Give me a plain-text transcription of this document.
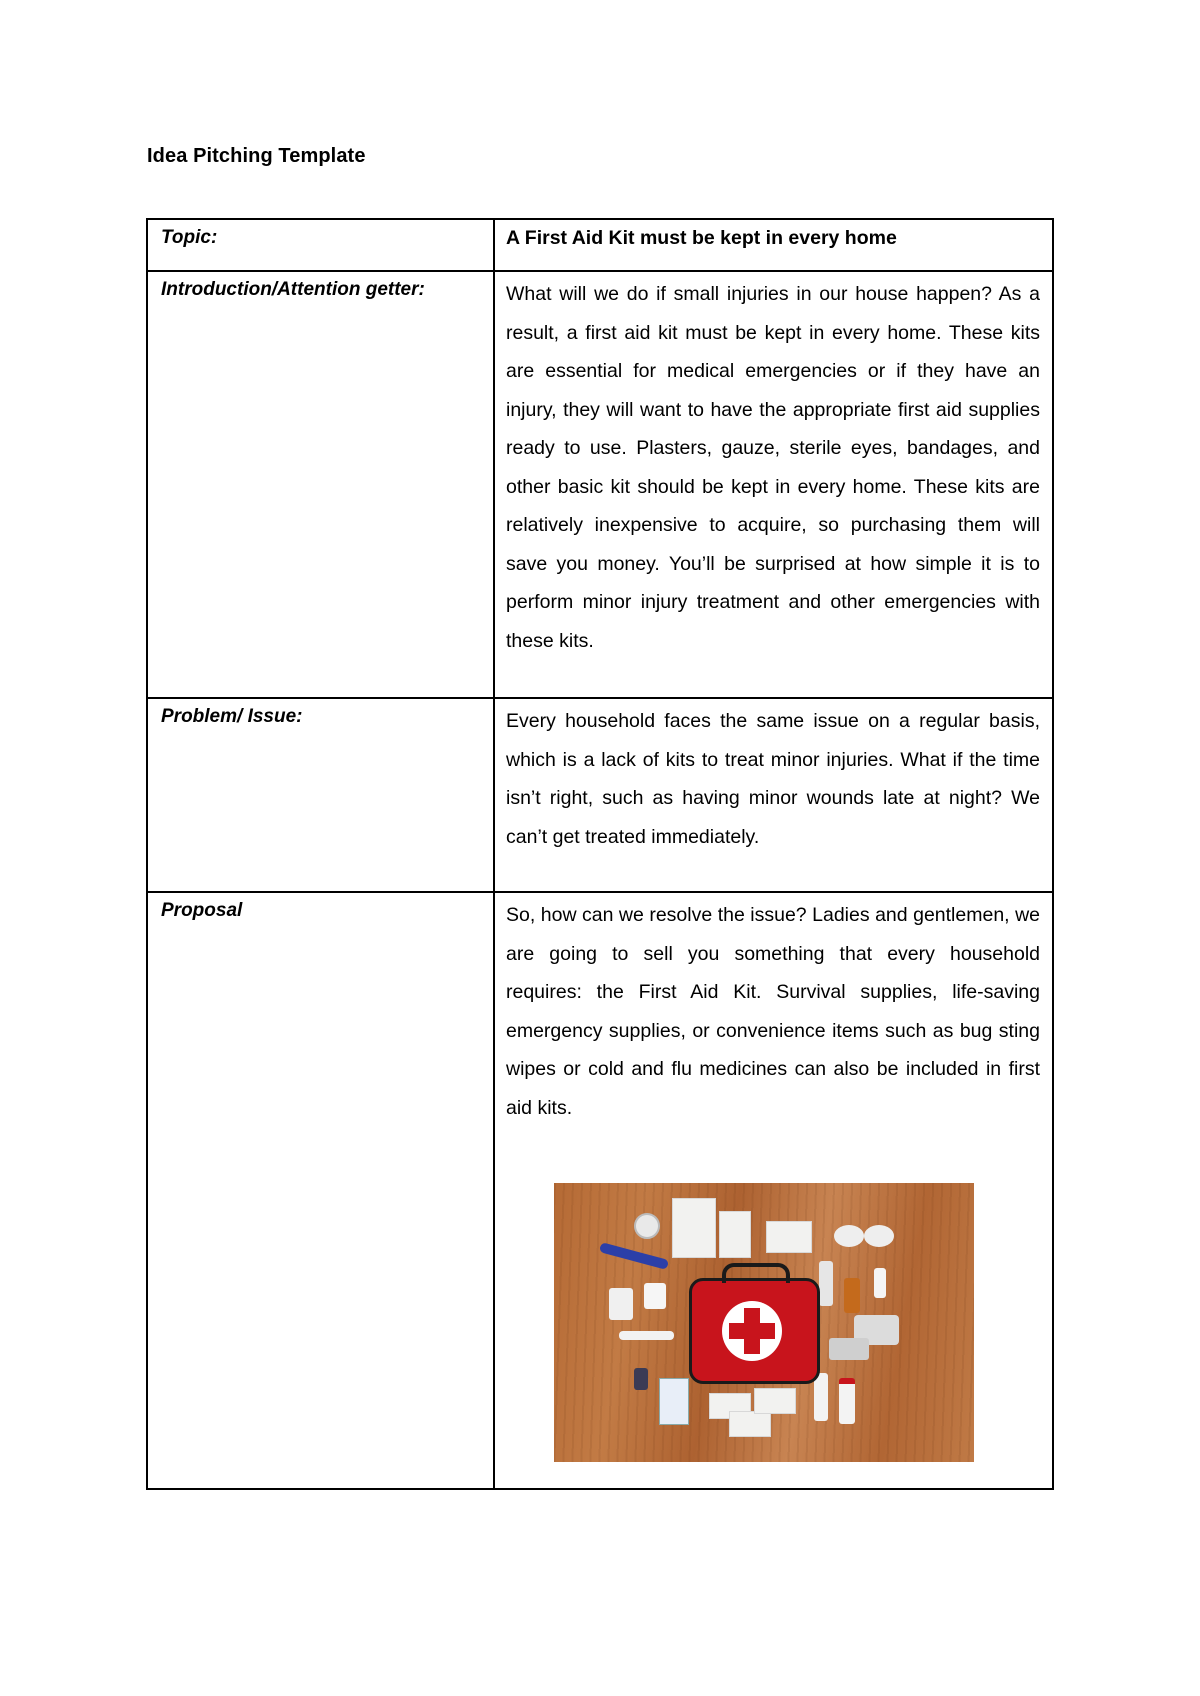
Idea Pitching Template
Topic:	A First Aid Kit must be kept in every home

Introduction/Attention getter:	What will we do if small injuries in our house happen? As a result, a first aid kit must be kept in every home. These kits are essential for medical emergencies or if they have an injury, they will want to have the appropriate first aid supplies ready to use. Plasters, gauze, sterile eyes, bandages, and other basic kit should be kept in every home. These kits are relatively inexpensive to acquire, so purchasing them will save you money. You’ll be surprised at how simple it is to perform minor injury treatment and other emergencies with these kits.

Problem/ Issue:	Every household faces the same issue on a regular basis, which is a lack of kits to treat minor injuries. What if the time isn’t right, such as having minor wounds late at night? We can’t get treated immediately.

Proposal	So, how can we resolve the issue? Ladies and gentlemen, we are going to sell you something that every household requires: the First Aid Kit. Survival supplies, life-saving emergency supplies, or convenience items such as bug sting wipes or cold and flu medicines can also be included in first aid kits.
